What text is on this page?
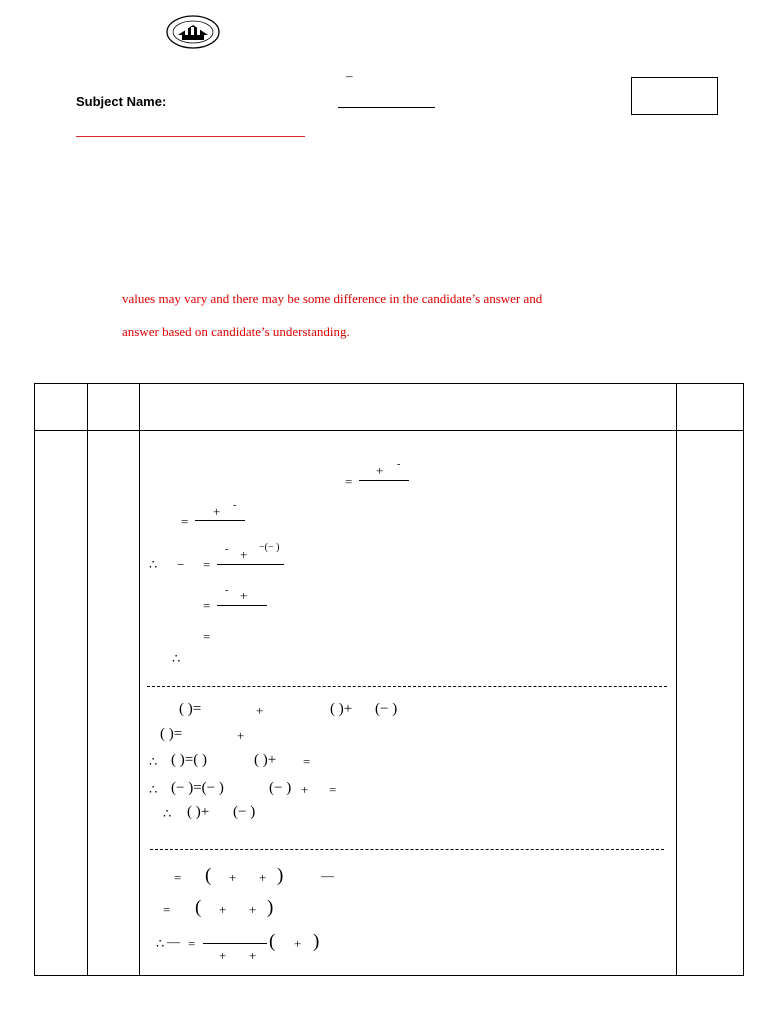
–
Subject Name:
values may vary and there may be some difference in the candidate’s answer and
answer based on candidate’s understanding.
=
+ -
=
+ -
∴ − =
- + −(− )
=
- +
=
∴
( )=	+	( )+ (− )
( )=	+
∴ ( )=( )	( )+ =
∴ (− )=(− )	(− ) + =
∴ ( )+ (− )
= ( + + )	—
= ( + + )
∴ — =
+ +
( + )
